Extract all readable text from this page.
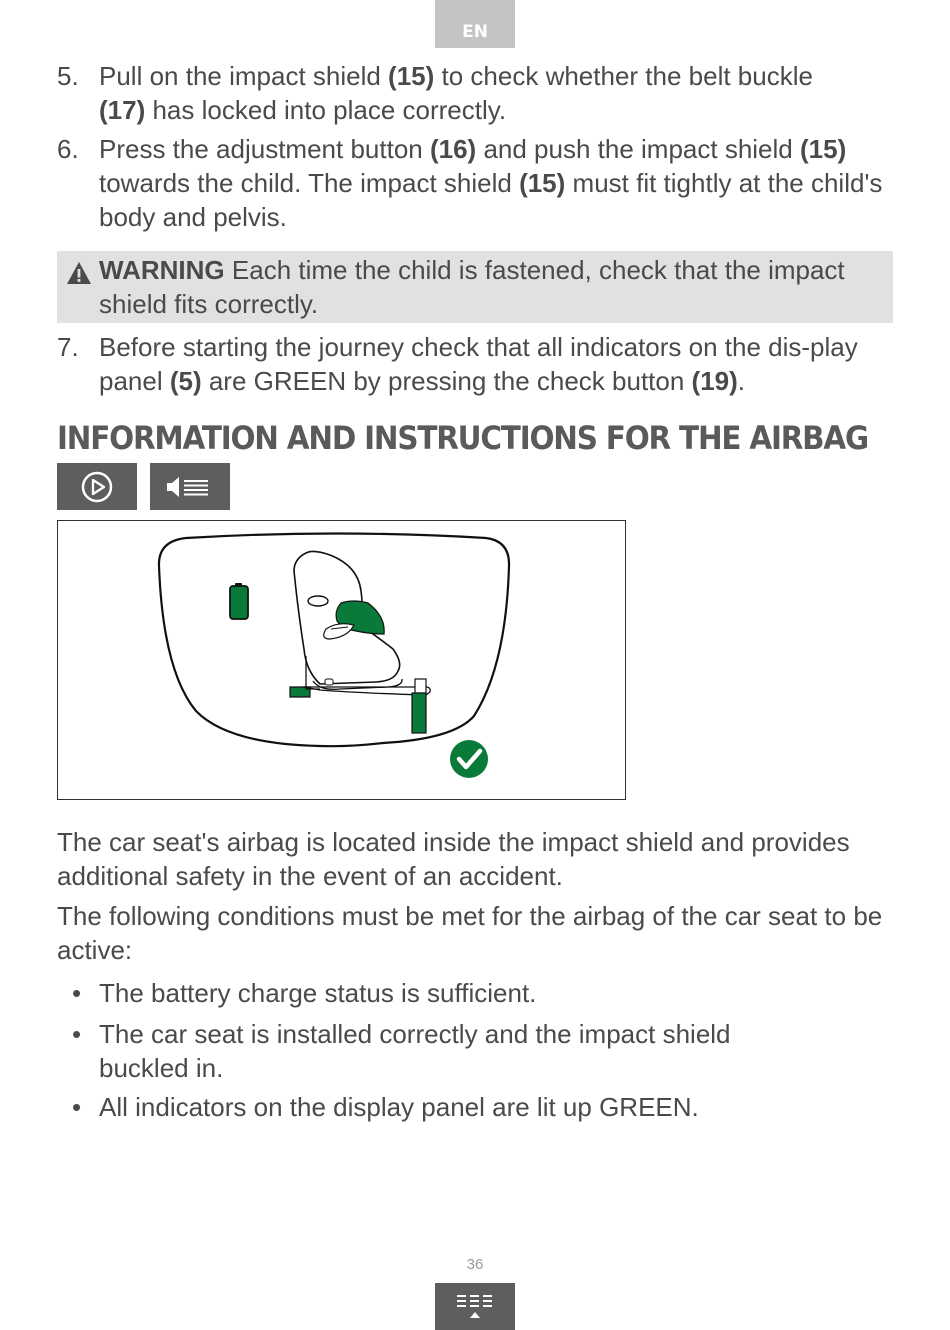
EN
5. Pull on the impact shield (15) to check whether the belt buckle
(17) has locked into place correctly.
6. Press the adjustment button (16) and push the impact shield (15)
towards the child. The impact shield (15) must fit tightly at the child's body and pelvis.
WARNING Each time the child is fastened, check that the impact shield fits correctly.
7. Before starting the journey check that all indicators on the dis-play panel (5) are GREEN by pressing the check button (19).
INFORMATION AND INSTRUCTIONS FOR THE AIRBAG
The car seat's airbag is located inside the impact shield and provides additional safety in the event of an accident.
The following conditions must be met for the airbag of the car seat to be active:
• The battery charge status is sufficient.
• The car seat is installed correctly and the impact shield buckled in.
• All indicators on the display panel are lit up GREEN.
36
